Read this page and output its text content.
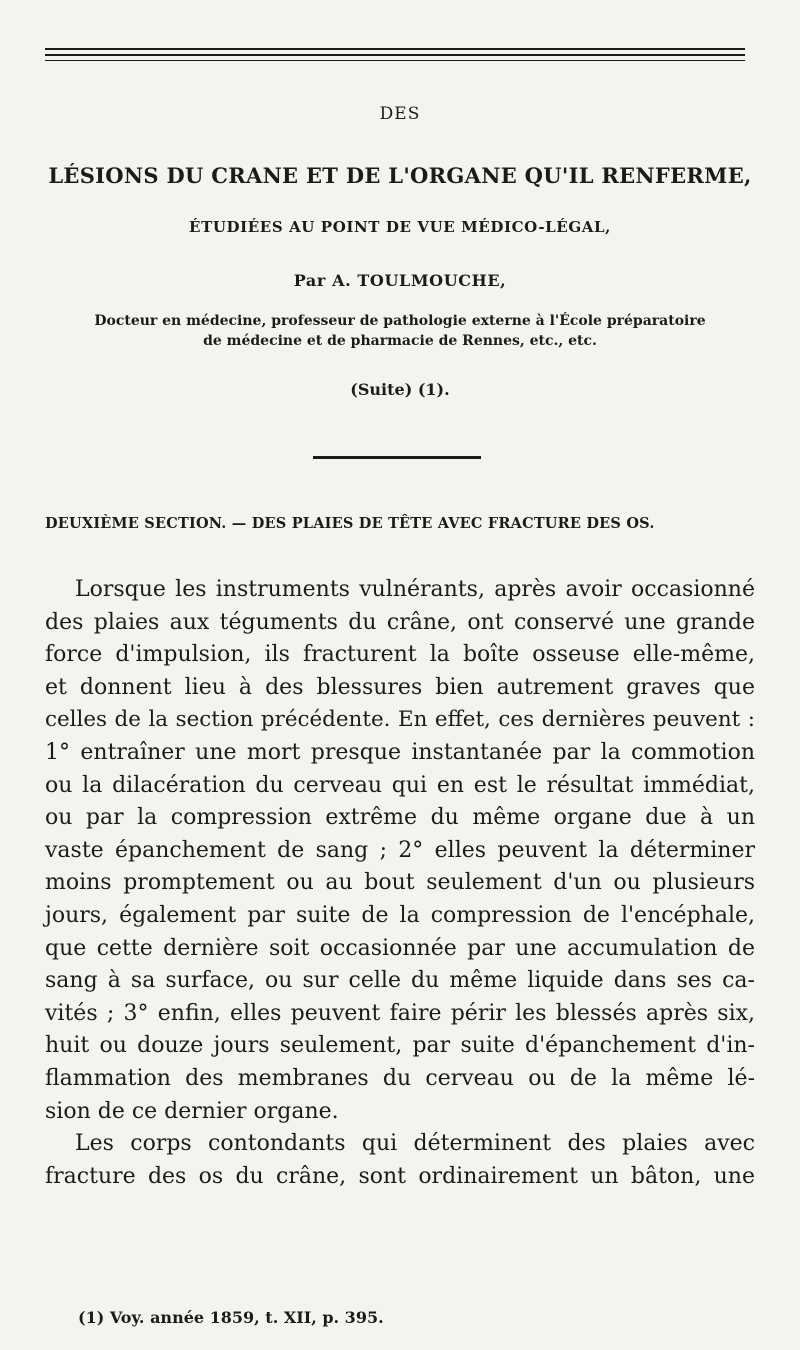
DES
LÉSIONS DU CRANE ET DE L'ORGANE QU'IL RENFERME,
ÉTUDIÉES AU POINT DE VUE MÉDICO-LÉGAL,
Par A. TOULMOUCHE,
Docteur en médecine, professeur de pathologie externe à l'École préparatoire
de médecine et de pharmacie de Rennes, etc., etc.
(Suite) (1).
DEUXIÈME SECTION. — DES PLAIES DE TÊTE AVEC FRACTURE DES OS.
Lorsque les instruments vulnérants, après avoir occasionné
des plaies aux téguments du crâne, ont conservé une grande
force d'impulsion, ils fracturent la boîte osseuse elle-même,
et donnent lieu à des blessures bien autrement graves que
celles de la section précédente. En effet, ces dernières peuvent :
1° entraîner une mort presque instantanée par la commotion
ou la dilacération du cerveau qui en est le résultat immédiat,
ou par la compression extrême du même organe due à un
vaste épanchement de sang ; 2° elles peuvent la déterminer
moins promptement ou au bout seulement d'un ou plusieurs
jours, également par suite de la compression de l'encéphale,
que cette dernière soit occasionnée par une accumulation de
sang à sa surface, ou sur celle du même liquide dans ses ca-
vités ; 3° enfin, elles peuvent faire périr les blessés après six,
huit ou douze jours seulement, par suite d'épanchement d'in-
flammation des membranes du cerveau ou de la même lé-
sion de ce dernier organe.
Les corps contondants qui déterminent des plaies avec
fracture des os du crâne, sont ordinairement un bâton, une
(1) Voy. année 1859, t. XII, p. 395.
